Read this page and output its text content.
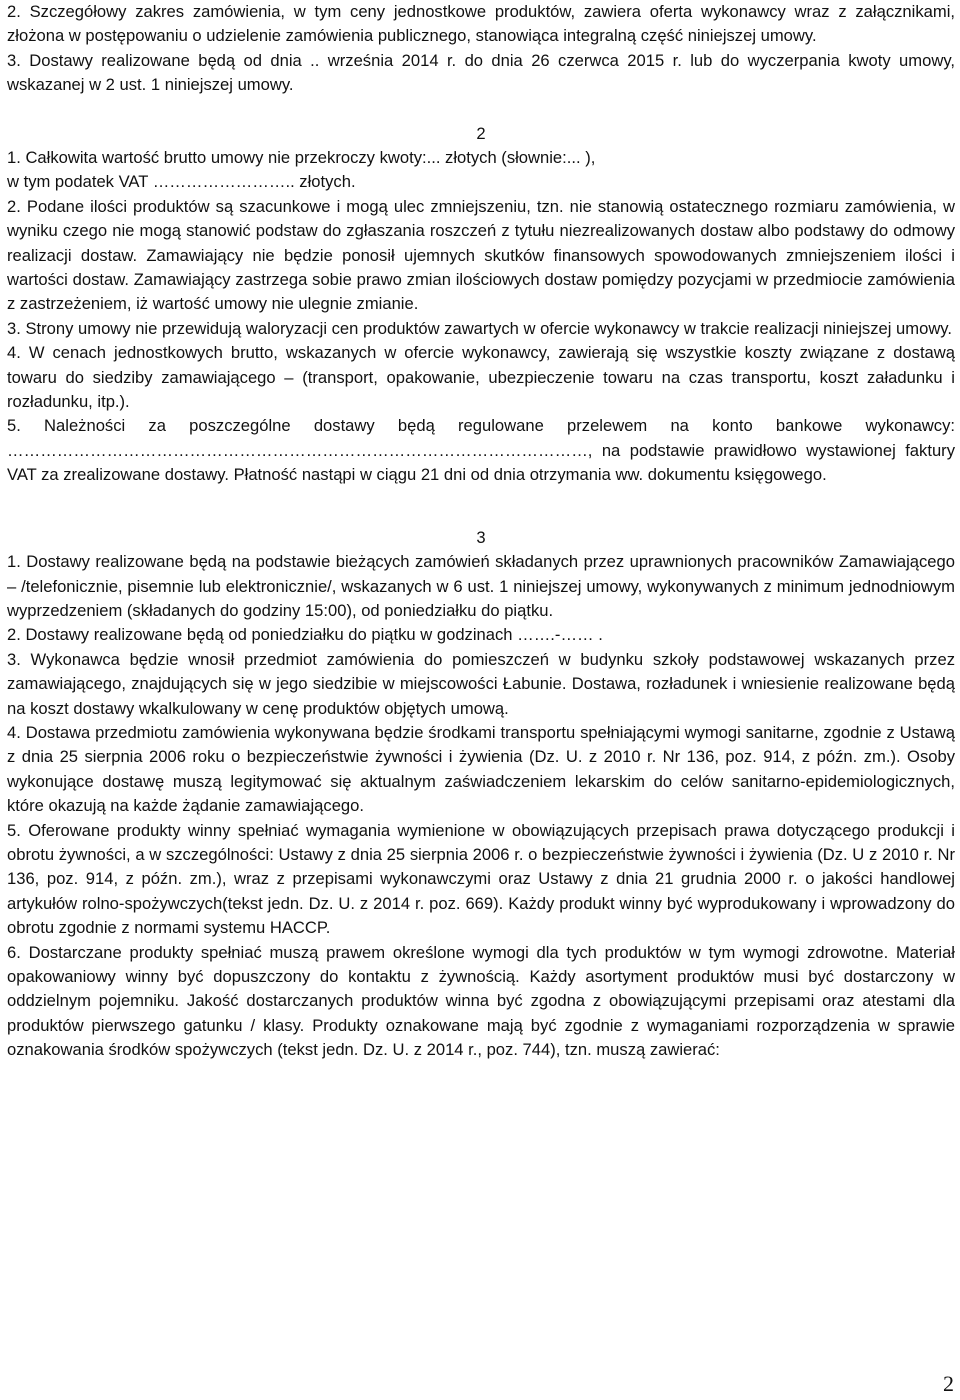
2. Szczegółowy zakres zamówienia, w tym ceny jednostkowe produktów, zawiera oferta wykonawcy wraz z załącznikami, złożona w postępowaniu o udzielenie zamówienia publicznego, stanowiąca integralną część niniejszej umowy.

3. Dostawy realizowane będą od dnia .. września 2014 r. do dnia 26 czerwca 2015 r. lub do wyczerpania kwoty umowy, wskazanej w 2 ust. 1 niniejszej umowy.

2

1. Całkowita wartość brutto umowy nie przekroczy kwoty:... złotych (słownie:... ),

w tym podatek VAT …………………….. złotych.

2. Podane ilości produktów są szacunkowe i mogą ulec zmniejszeniu, tzn. nie stanowią ostatecznego rozmiaru zamówienia, w wyniku czego nie mogą stanowić podstaw do zgłaszania roszczeń z tytułu niezrealizowanych dostaw albo podstawy do odmowy realizacji dostaw. Zamawiający nie będzie ponosił ujemnych skutków finansowych spowodowanych zmniejszeniem ilości i wartości dostaw. Zamawiający zastrzega sobie prawo zmian ilościowych dostaw pomiędzy pozycjami w przedmiocie zamówienia z zastrzeżeniem, iż wartość umowy nie ulegnie zmianie.

3. Strony umowy nie przewidują waloryzacji cen produktów zawartych w ofercie wykonawcy w trakcie realizacji niniejszej umowy.

4. W cenach jednostkowych brutto, wskazanych w ofercie wykonawcy, zawierają się wszystkie koszty związane z dostawą towaru do siedziby zamawiającego – (transport, opakowanie, ubezpieczenie towaru na czas transportu, koszt załadunku i rozładunku, itp.).

5. Należności za poszczególne dostawy będą regulowane przelewem na konto bankowe wykonawcy: ……………………………………………………………………………………………, na podstawie prawidłowo wystawionej faktury VAT za zrealizowane dostawy. Płatność nastąpi w ciągu 21 dni od dnia otrzymania ww. dokumentu księgowego.

3

1. Dostawy realizowane będą na podstawie bieżących zamówień składanych przez uprawnionych pracowników Zamawiającego – /telefonicznie, pisemnie lub elektronicznie/, wskazanych w 6 ust. 1 niniejszej umowy, wykonywanych z minimum jednodniowym wyprzedzeniem (składanych do godziny 15:00), od poniedziałku do piątku.

2. Dostawy realizowane będą od poniedziałku do piątku w godzinach …….-…… .

3. Wykonawca będzie wnosił przedmiot zamówienia do pomieszczeń w budynku szkoły podstawowej wskazanych przez zamawiającego, znajdujących się w jego siedzibie w miejscowości Łabunie. Dostawa, rozładunek i wniesienie realizowane będą na koszt dostawy wkalkulowany w cenę produktów objętych umową.

4. Dostawa przedmiotu zamówienia wykonywana będzie środkami transportu spełniającymi wymogi sanitarne, zgodnie z Ustawą z dnia 25 sierpnia 2006 roku o bezpieczeństwie żywności i żywienia (Dz. U. z 2010 r. Nr 136, poz. 914, z późn. zm.). Osoby wykonujące dostawę muszą legitymować się aktualnym zaświadczeniem lekarskim do celów sanitarno-epidemiologicznych, które okazują na każde żądanie zamawiającego.

5. Oferowane produkty winny spełniać wymagania wymienione w obowiązujących przepisach prawa dotyczącego produkcji i obrotu żywności, a w szczególności: Ustawy z dnia 25 sierpnia 2006 r. o bezpieczeństwie żywności i żywienia (Dz. U z 2010 r. Nr 136, poz. 914, z późn. zm.), wraz z przepisami wykonawczymi oraz Ustawy z dnia 21 grudnia 2000 r. o jakości handlowej artykułów rolno-spożywczych(tekst jedn. Dz. U. z 2014 r. poz. 669). Każdy produkt winny być wyprodukowany i wprowadzony do obrotu zgodnie z normami systemu HACCP.

6. Dostarczane produkty spełniać muszą prawem określone wymogi dla tych produktów w tym wymogi zdrowotne. Materiał opakowaniowy winny być dopuszczony do kontaktu z żywnością. Każdy asortyment produktów musi być dostarczony w oddzielnym pojemniku. Jakość dostarczanych produktów winna być zgodna z obowiązującymi przepisami oraz atestami dla produktów pierwszego gatunku / klasy. Produkty oznakowane mają być zgodnie z wymaganiami rozporządzenia w sprawie oznakowania środków spożywczych (tekst jedn. Dz. U. z 2014 r., poz. 744), tzn. muszą zawierać:

2
